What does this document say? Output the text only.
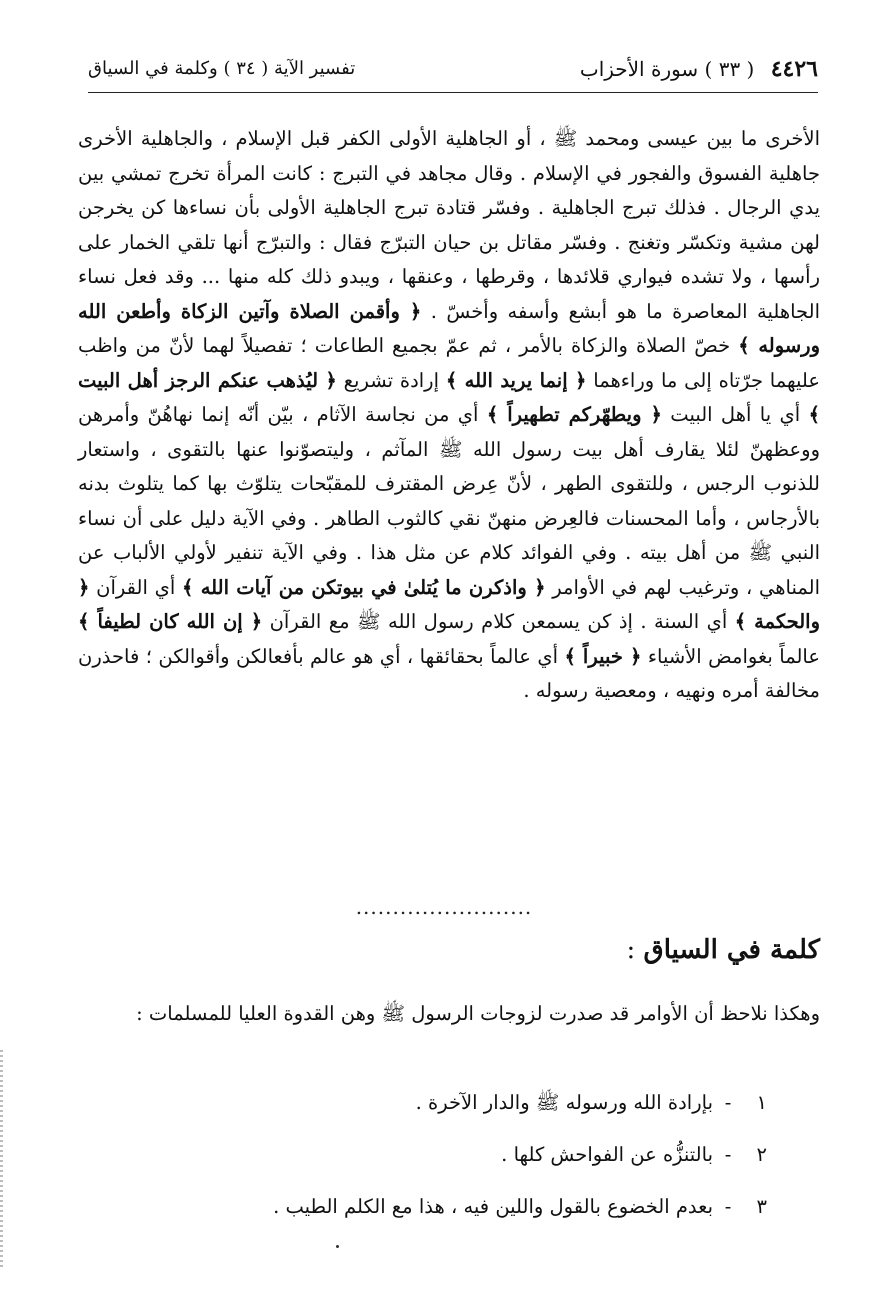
٤٤٢٦ ( ٣٣ ) سورة الأحزاب
تفسير الآية ( ٣٤ ) وكلمة في السياق

الأخرى ما بين عيسى ومحمد ﷺ ، أو الجاهلية الأولى الكفر قبل الإسلام ، والجاهلية الأخرى جاهلية الفسوق والفجور في الإسلام . وقال مجاهد في التبرج : كانت المرأة تخرج تمشي بين يدي الرجال . فذلك تبرج الجاهلية . وفسّر قتادة تبرج الجاهلية الأولى بأن نساءها كن يخرجن لهن مشية وتكسّر وتغنج . وفسّر مقاتل بن حيان التبرّج فقال : والتبرّج أنها تلقي الخمار على رأسها ، ولا تشده فيواري قلائدها ، وقرطها ، وعنقها ، ويبدو ذلك كله منها ... وقد فعل نساء الجاهلية المعاصرة ما هو أبشع وأسفه وأخسّ . ﴿ وأقمن الصلاة وآتين الزكاة وأطعن الله ورسوله ﴾ خصّ الصلاة والزكاة بالأمر ، ثم عمّ بجميع الطاعات ؛ تفصيلاً لهما لأنّ من واظب عليهما جرّتاه إلى ما وراءهما ﴿ إنما يريد الله ﴾ إرادة تشريع ﴿ ليُذهب عنكم الرجز أهل البيت ﴾ أي يا أهل البيت ﴿ ويطهّركم تطهيراً ﴾ أي من نجاسة الآثام ، بيّن أنّه إنما نهاهُنّ وأمرهن ووعظهنّ لئلا يقارف أهل بيت رسول الله ﷺ المآثم ، وليتصوّنوا عنها بالتقوى ، واستعار للذنوب الرجس ، وللتقوى الطهر ، لأنّ عِرض المقترف للمقبّحات يتلوّث بها كما يتلوث بدنه بالأرجاس ، وأما المحسنات فالعِرض منهنّ نقي كالثوب الطاهر . وفي الآية دليل على أن نساء النبي ﷺ من أهل بيته . وفي الفوائد كلام عن مثل هذا . وفي الآية تنفير لأولي الألباب عن المناهي ، وترغيب لهم في الأوامر ﴿ واذكرن ما يُتلىٰ في بيوتكن من آيات الله ﴾ أي القرآن ﴿ والحكمة ﴾ أي السنة . إذ كن يسمعن كلام رسول الله ﷺ مع القرآن ﴿ إن الله كان لطيفاً ﴾ عالماً بغوامض الأشياء ﴿ خبيراً ﴾ أي عالماً بحقائقها ، أي هو عالم بأفعالكن وأقوالكن ؛ فاحذرن مخالفة أمره ونهيه ، ومعصية رسوله .

........................
كلمة في السياق :

وهكذا نلاحظ أن الأوامر قد صدرت لزوجات الرسول ﷺ وهن القدوة العليا للمسلمات :

١-بإرادة الله ورسوله ﷺ والدار الآخرة .
٢-بالتنزُّه عن الفواحش كلها .
٣-بعدم الخضوع بالقول واللين فيه ، هذا مع الكلم الطيب .
